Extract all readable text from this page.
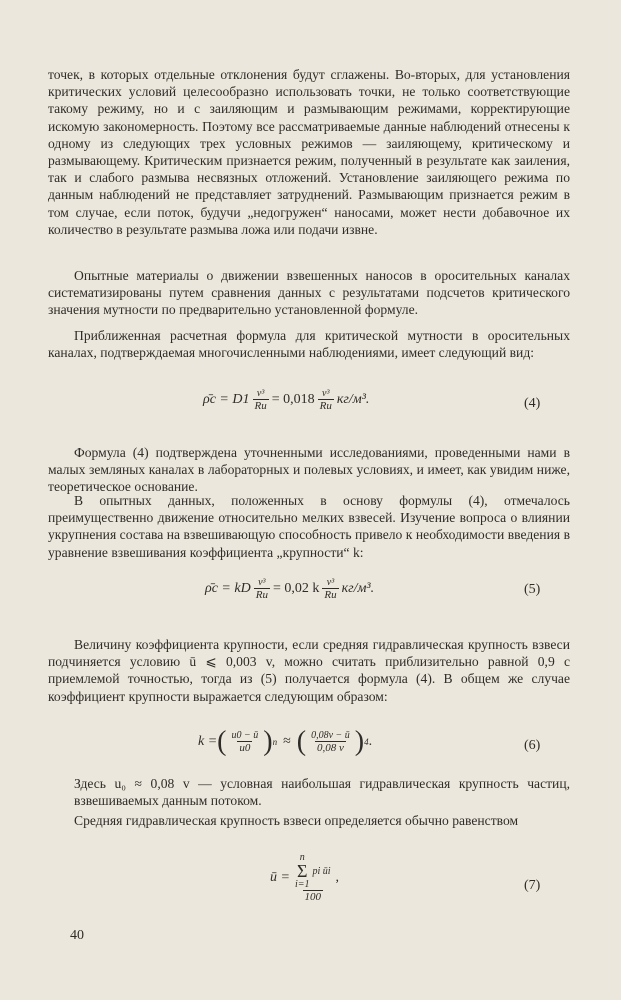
точек, в которых отдельные отклонения будут сглажены. Во-вторых, для установления критических условий целесообразно использовать точки, не только соответствующие такому режиму, но и с заиляющим и размывающим режимами, корректирующие искомую закономерность. Поэтому все рассматриваемые данные наблюдений отнесены к одному из следующих трех условных режимов — заиляющему, критическому и размывающему. Критическим признается режим, полученный в результате как заиления, так и слабого размыва несвязных отложений. Установление заиляющего режима по данным наблюдений не представляет затруднений. Размывающим признается режим в том случае, если поток, будучи „недогружен“ наносами, может нести добавочное их количество в результате размыва ложа или подачи извне.

Опытные материалы о движении взвешенных наносов в оросительных каналах систематизированы путем сравнения данных с результатами подсчетов критического значения мутности по предварительно установленной формуле.

Приближенная расчетная формула для критической мутности в оросительных каналах, подтверждаемая многочисленными наблюдениями, имеет следующий вид:

ρ̄c = $D1 \frac{\text{v³}}{Ru} = 0,018 \frac{\text{v³}}{Ru} кг/м^3$.	(4)

Формула (4) подтверждена уточненными исследованиями, проведенными нами в малых земляных каналах в лабораторных и полевых условиях, и имеет, как увидим ниже, теоретическое основание.

В опытных данных, положенных в основу формулы (4), отмечалось преимущественно движение относительно мелких взвесей. Изучение вопроса о влиянии укрупнения состава на взвешивающую способность привело к необходимости введения в уравнение взвешивания коэффициента „крупности“ k:

ρ̄c = kD $\frac{\text{v³}}{Ru} = 0,02$ k $\frac{\text{v³}}{Ru} кг/м^3$.	(5)

Величину коэффициента крупности, если средняя гидравлическая крупность взвеси подчиняется условию ū ⩽ 0,003 v, можно считать приблизительно равной 0,9 с приемлемой точностью, тогда из (5) получается формула (4). В общем же случае коэффициент крупности выражается следующим образом:

k = ( $\frac{u0 - ū}{u0}$ ) n ≈ ( $\frac{0,08v - ū}{0,08 v}$ ) 4 .	(6)

Здесь u₀ ≈ 0,08 v — условная наибольшая гидравлическая крупность частиц, взвешиваемых данным потоком.

Средняя гидравлическая крупность взвеси определяется обычно равенством

ū = n
Σ
i=1
pi ūi
100 ,
(7)
40
